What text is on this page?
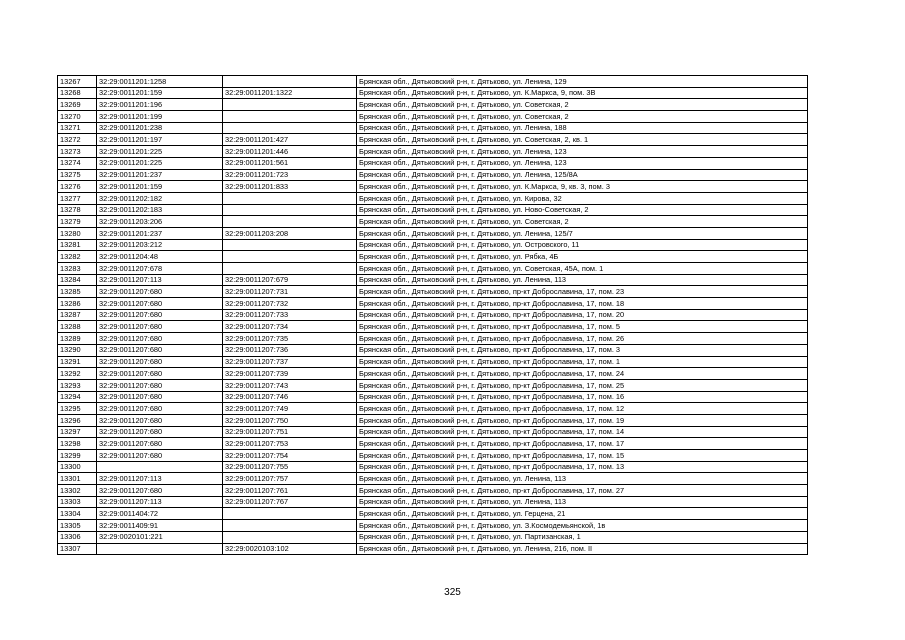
13267	32:29:0011201:1258		Брянская обл., Дятьковский р-н, г. Дятьково, ул. Ленина, 129
13268	32:29:0011201:159	32:29:0011201:1322	Брянская обл., Дятьковский р-н, г. Дятьково, ул. К.Маркса, 9, пом. 3В
13269	32:29:0011201:196		Брянская обл., Дятьковский р-н, г. Дятьково, ул. Советская, 2
13270	32:29:0011201:199		Брянская обл., Дятьковский р-н, г. Дятьково, ул. Советская, 2
13271	32:29:0011201:238		Брянская обл., Дятьковский р-н, г. Дятьково, ул. Ленина, 188
13272	32:29:0011201:197	32:29:0011201:427	Брянская обл., Дятьковский р-н, г. Дятьково, ул. Советская, 2, кв. 1
13273	32:29:0011201:225	32:29:0011201:446	Брянская обл., Дятьковский р-н, г. Дятьково, ул. Ленина, 123
13274	32:29:0011201:225	32:29:0011201:561	Брянская обл., Дятьковский р-н, г. Дятьково, ул. Ленина, 123
13275	32:29:0011201:237	32:29:0011201:723	Брянская обл., Дятьковский р-н, г. Дятьково, ул. Ленина, 125/8А
13276	32:29:0011201:159	32:29:0011201:833	Брянская обл., Дятьковский р-н, г. Дятьково, ул. К.Маркса, 9, кв. 3, пом. 3
13277	32:29:0011202:182		Брянская обл., Дятьковский р-н, г. Дятьково, ул. Кирова, 32
13278	32:29:0011202:183		Брянская обл., Дятьковский р-н, г. Дятьково, ул. Ново-Советская, 2
13279	32:29:0011203:206		Брянская обл., Дятьковский р-н, г. Дятьково, ул. Советская, 2
13280	32:29:0011201:237	32:29:0011203:208	Брянская обл., Дятьковский р-н, г. Дятьково, ул. Ленина, 125/7
13281	32:29:0011203:212		Брянская обл., Дятьковский р-н, г. Дятьково, ул. Островского, 11
13282	32:29:0011204:48		Брянская обл., Дятьковский р-н, г. Дятьково, ул. Рябка, 4Б
13283	32:29:0011207:678		Брянская обл., Дятьковский р-н, г. Дятьково, ул. Советская, 45А, пом. 1
13284	32:29:0011207:113	32:29:0011207:679	Брянская обл., Дятьковский р-н, г. Дятьково, ул. Ленина, 113
13285	32:29:0011207:680	32:29:0011207:731	Брянская обл., Дятьковский р-н, г. Дятьково, пр-кт Доброславина, 17, пом. 23
13286	32:29:0011207:680	32:29:0011207:732	Брянская обл., Дятьковский р-н, г. Дятьково, пр-кт Доброславина, 17, пом. 18
13287	32:29:0011207:680	32:29:0011207:733	Брянская обл., Дятьковский р-н, г. Дятьково, пр-кт Доброславина, 17, пом. 20
13288	32:29:0011207:680	32:29:0011207:734	Брянская обл., Дятьковский р-н, г. Дятьково, пр-кт Доброславина, 17, пом. 5
13289	32:29:0011207:680	32:29:0011207:735	Брянская обл., Дятьковский р-н, г. Дятьково, пр-кт Доброславина, 17, пом. 26
13290	32:29:0011207:680	32:29:0011207:736	Брянская обл., Дятьковский р-н, г. Дятьково, пр-кт Доброславина, 17, пом. 3
13291	32:29:0011207:680	32:29:0011207:737	Брянская обл., Дятьковский р-н, г. Дятьково, пр-кт Доброславина, 17, пом. 1
13292	32:29:0011207:680	32:29:0011207:739	Брянская обл., Дятьковский р-н, г. Дятьково, пр-кт Доброславина, 17, пом. 24
13293	32:29:0011207:680	32:29:0011207:743	Брянская обл., Дятьковский р-н, г. Дятьково, пр-кт Доброславина, 17, пом. 25
13294	32:29:0011207:680	32:29:0011207:746	Брянская обл., Дятьковский р-н, г. Дятьково, пр-кт Доброславина, 17, пом. 16
13295	32:29:0011207:680	32:29:0011207:749	Брянская обл., Дятьковский р-н, г. Дятьково, пр-кт Доброславина, 17, пом. 12
13296	32:29:0011207:680	32:29:0011207:750	Брянская обл., Дятьковский р-н, г. Дятьково, пр-кт Доброславина, 17, пом. 19
13297	32:29:0011207:680	32:29:0011207:751	Брянская обл., Дятьковский р-н, г. Дятьково, пр-кт Доброславина, 17, пом. 14
13298	32:29:0011207:680	32:29:0011207:753	Брянская обл., Дятьковский р-н, г. Дятьково, пр-кт Доброславина, 17, пом. 17
13299	32:29:0011207:680	32:29:0011207:754	Брянская обл., Дятьковский р-н, г. Дятьково, пр-кт Доброславина, 17, пом. 15
13300		32:29:0011207:755	Брянская обл., Дятьковский р-н, г. Дятьково, пр-кт Доброславина, 17, пом. 13
13301	32:29:0011207:113	32:29:0011207:757	Брянская обл., Дятьковский р-н, г. Дятьково, ул. Ленина, 113
13302	32:29:0011207:680	32:29:0011207:761	Брянская обл., Дятьковский р-н, г. Дятьково, пр-кт Доброславина, 17, пом. 27
13303	32:29:0011207:113	32:29:0011207:767	Брянская обл., Дятьковский р-н, г. Дятьково, ул. Ленина, 113
13304	32:29:0011404:72		Брянская обл., Дятьковский р-н, г. Дятьково, ул. Герцена, 21
13305	32:29:0011409:91		Брянская обл., Дятьковский р-н, г. Дятьково, ул. З.Космодемьянской, 1в
13306	32:29:0020101:221		Брянская обл., Дятьковский р-н, г. Дятьково, ул. Партизанская, 1
13307		32:29:0020103:102	Брянская обл., Дятьковский р-н, г. Дятьково, ул. Ленина, 216, пом. II
325
